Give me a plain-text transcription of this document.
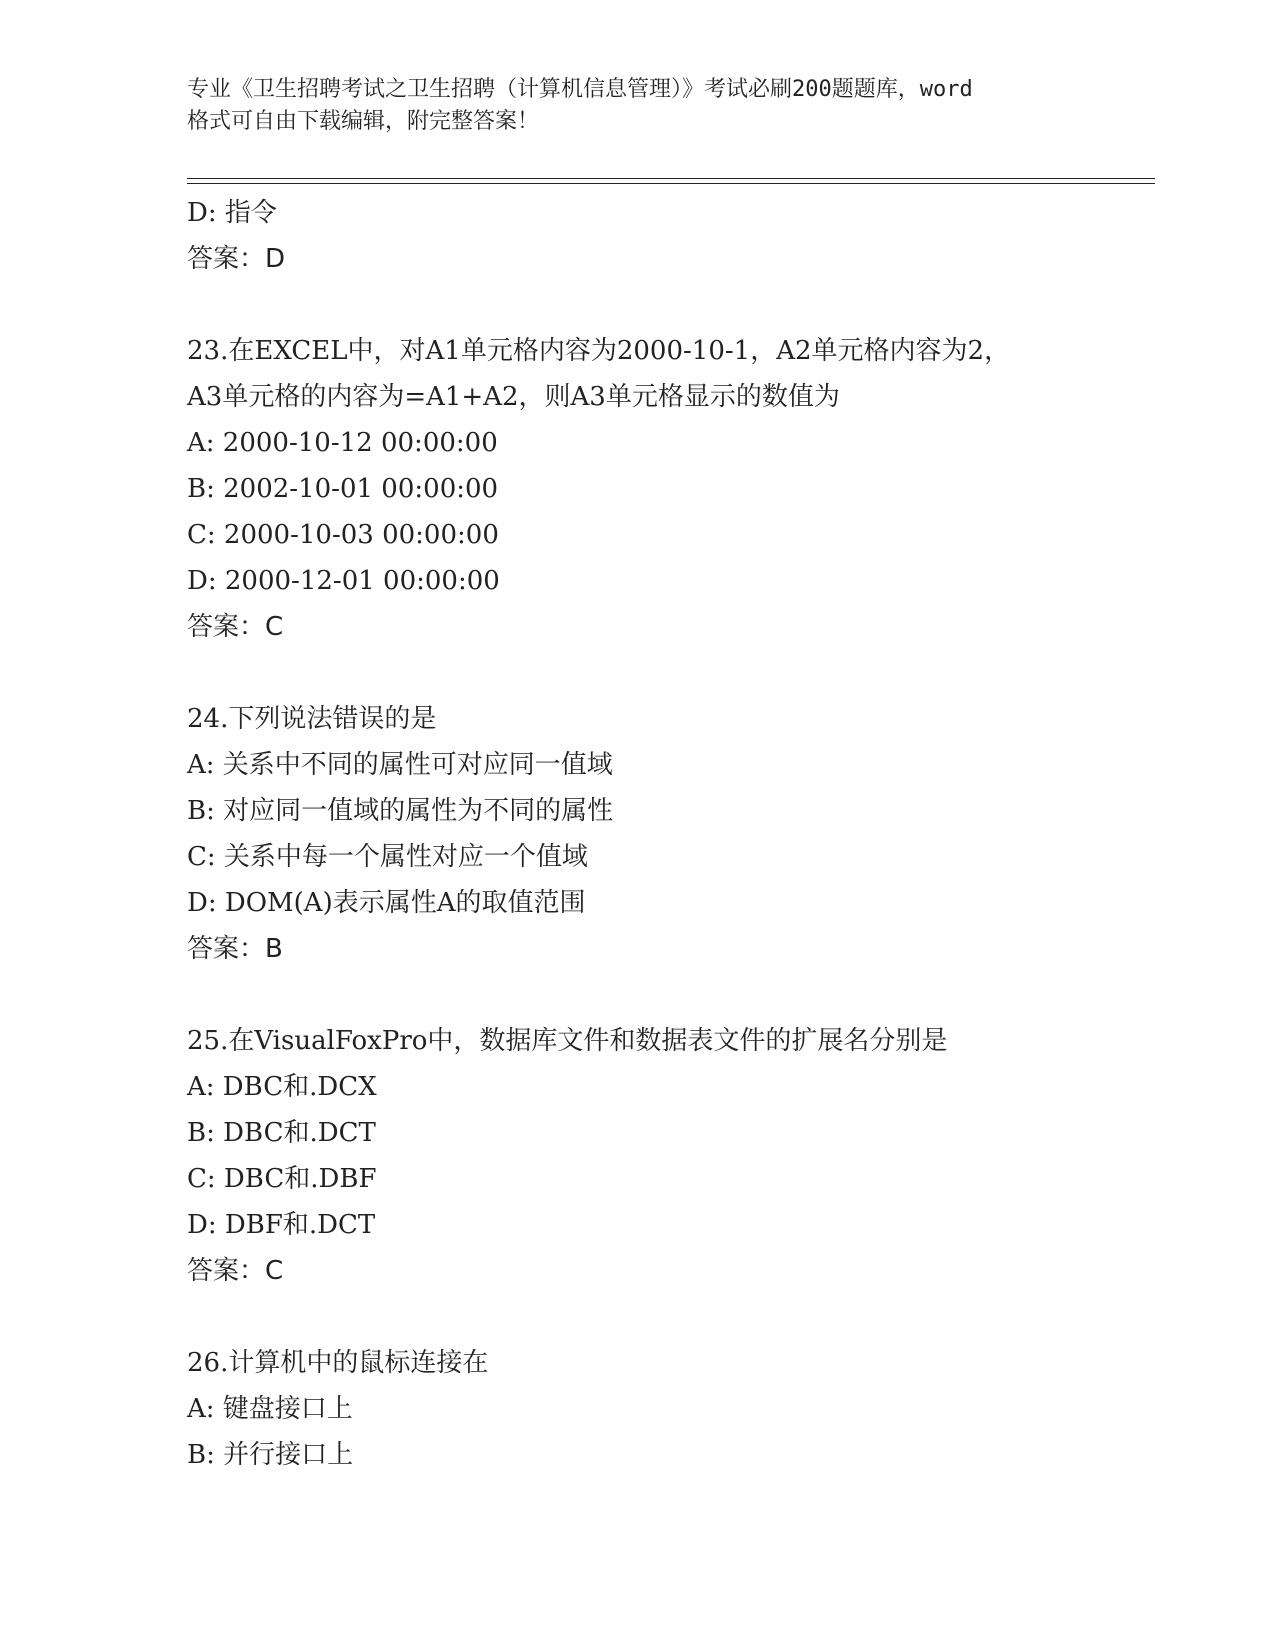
专业《卫生招聘考试之卫生招聘（计算机信息管理）》考试必刷200题题库，word
格式可自由下载编辑，附完整答案！
D: 指令
答案：D
23.在EXCEL中，对A1单元格内容为2000-10-1，A2单元格内容为2，
A3单元格的内容为=A1+A2，则A3单元格显示的数值为
A: 2000-10-12 00:00:00
B: 2002-10-01 00:00:00
C: 2000-10-03 00:00:00
D: 2000-12-01 00:00:00
答案：C
24.下列说法错误的是
A: 关系中不同的属性可对应同一值域
B: 对应同一值域的属性为不同的属性
C: 关系中每一个属性对应一个值域
D: DOM(A)表示属性A的取值范围
答案：B
25.在VisualFoxPro中，数据库文件和数据表文件的扩展名分别是
A: DBC和.DCX
B: DBC和.DCT
C: DBC和.DBF
D: DBF和.DCT
答案：C
26.计算机中的鼠标连接在
A: 键盘接口上
B: 并行接口上
